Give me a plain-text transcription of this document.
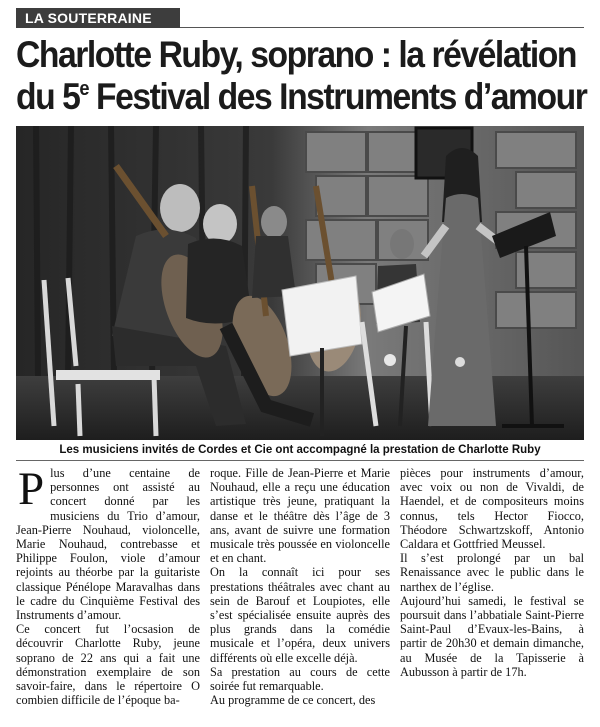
LA SOUTERRAINE
Charlotte Ruby, soprano : la révélation
du 5e Festival des Instruments d’amour
Les musiciens invités de Cordes et Cie ont accompagné la prestation de Charlotte Ruby

Plus d’une centaine de personnes ont assisté au concert donné par les musiciens du Trio d’amour, Jean-Pierre Nouhaud, violoncelle, Marie Nouhaud, contrebasse et Philippe Foulon, viole d’amour rejoints au théorbe par la guitariste classique Pénélope Maravalhas dans le cadre du Cinquième Festival des Instruments d’amour.

Ce concert fut l’ocsasion de découvrir Charlotte Ruby, jeune soprano de 22 ans qui a fait une démonstration exemplaire de son savoir-faire, dans le répertoire O combien difficile de l’époque ba-

roque. Fille de Jean-Pierre et Marie Nouhaud, elle a reçu une éducation artistique très jeune, pratiquant la danse et le théâtre dès l’âge de 3 ans, avant de suivre une formation musicale très poussée en violoncelle et en chant.

On la connaît ici pour ses prestations théâtrales avec chant au sein de Barouf et Loupiotes, elle s’est spécialisée ensuite auprès des plus grands dans la comédie musicale et l’opéra, deux univers différents où elle excelle déjà.

Sa prestation au cours de cette soirée fut remarquable.

Au programme de ce concert, des

pièces pour instruments d’amour, avec voix ou non de Vivaldi, de Haendel, et de compositeurs moins connus, tels Hector Fiocco, Théodore Schwartzskoff, Antonio Caldara et Gottfried Meussel.

Il s’est prolongé par un bal Renaissance avec le public dans le narthex de l’église.

Aujourd’hui samedi, le festival se poursuit dans l’abbatiale Saint-Pierre Saint-Paul d’Evaux-les-Bains, à partir de 20h30 et demain dimanche, au Musée de la Tapisserie à Aubusson à partir de 17h.
